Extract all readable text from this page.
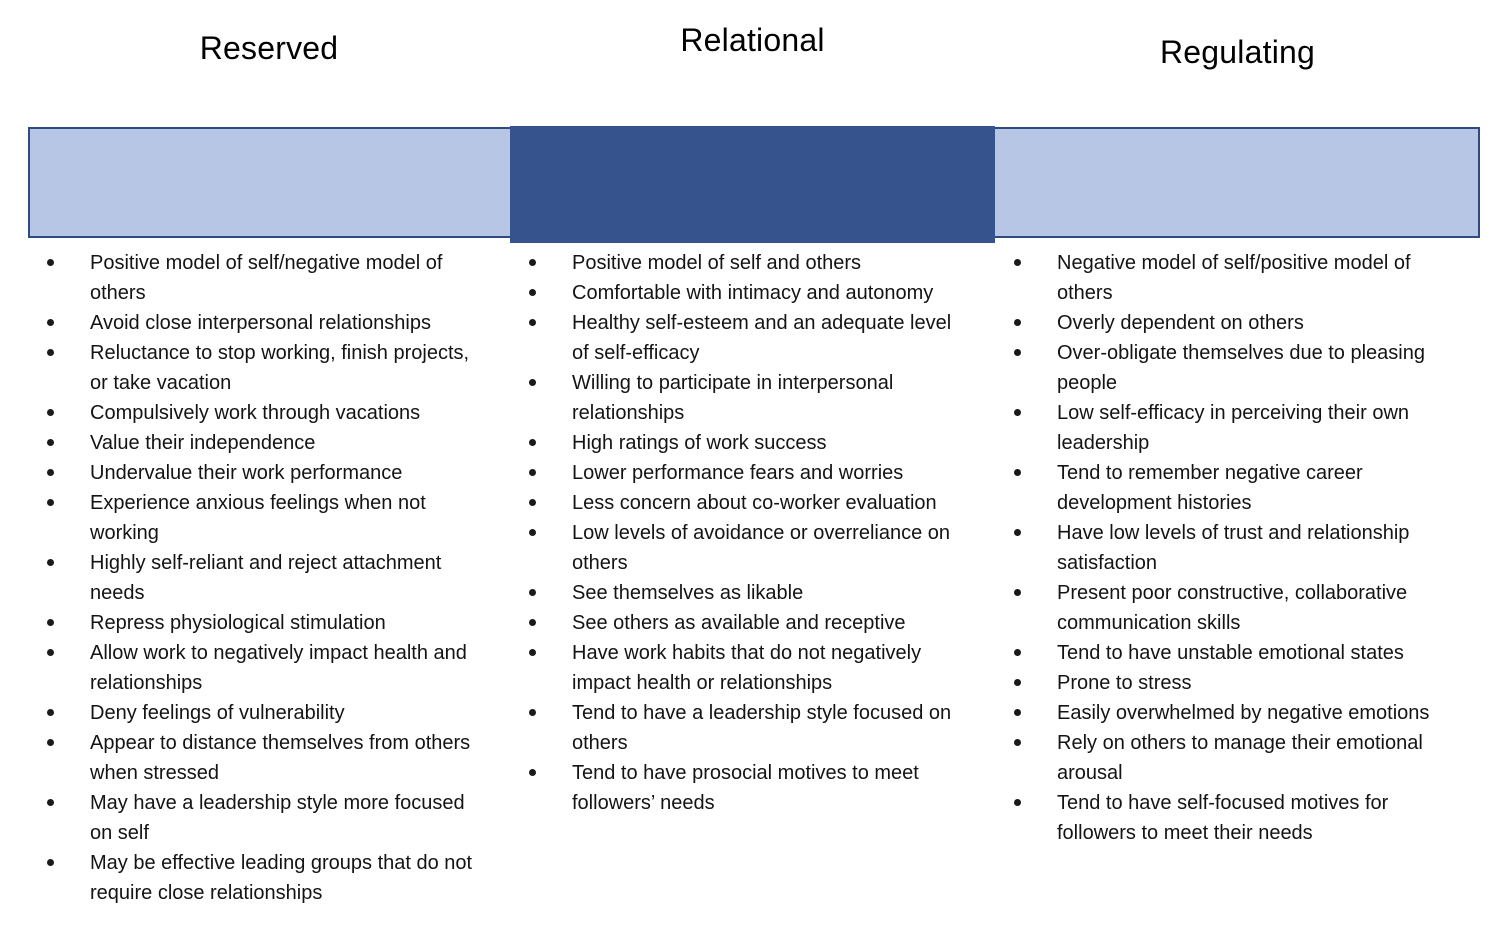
Reserved	Relational	Regulating
Positive model of self/negative model of others
Avoid close interpersonal relationships
Reluctance to stop working, finish projects, or take vacation
Compulsively work through vacations
Value their independence
Undervalue their work performance
Experience anxious feelings when not working
Highly self-reliant and reject attachment needs
Repress physiological stimulation
Allow work to negatively impact health and relationships
Deny feelings of vulnerability
Appear to distance themselves from others when stressed
May have a leadership style more focused on self
May be effective leading groups that do not require close relationships
Positive model of self and others
Comfortable with intimacy and autonomy
Healthy self-esteem and an adequate level of self-efficacy
Willing to participate in interpersonal relationships
High ratings of work success
Lower performance fears and worries
Less concern about co-worker evaluation
Low levels of avoidance or overreliance on others
See themselves as likable
See others as available and receptive
Have work habits that do not negatively impact health or relationships
Tend to have a leadership style focused on others
Tend to have prosocial motives to meet followers’ needs
Negative model of self/positive model of others
Overly dependent on others
Over-obligate themselves due to pleasing people
Low self-efficacy in perceiving their own leadership
Tend to remember negative career development histories
Have low levels of trust and relationship satisfaction
Present poor constructive, collaborative communication skills
Tend to have unstable emotional states
Prone to stress
Easily overwhelmed by negative emotions
Rely on others to manage their emotional arousal
Tend to have self-focused motives for followers to meet their needs
